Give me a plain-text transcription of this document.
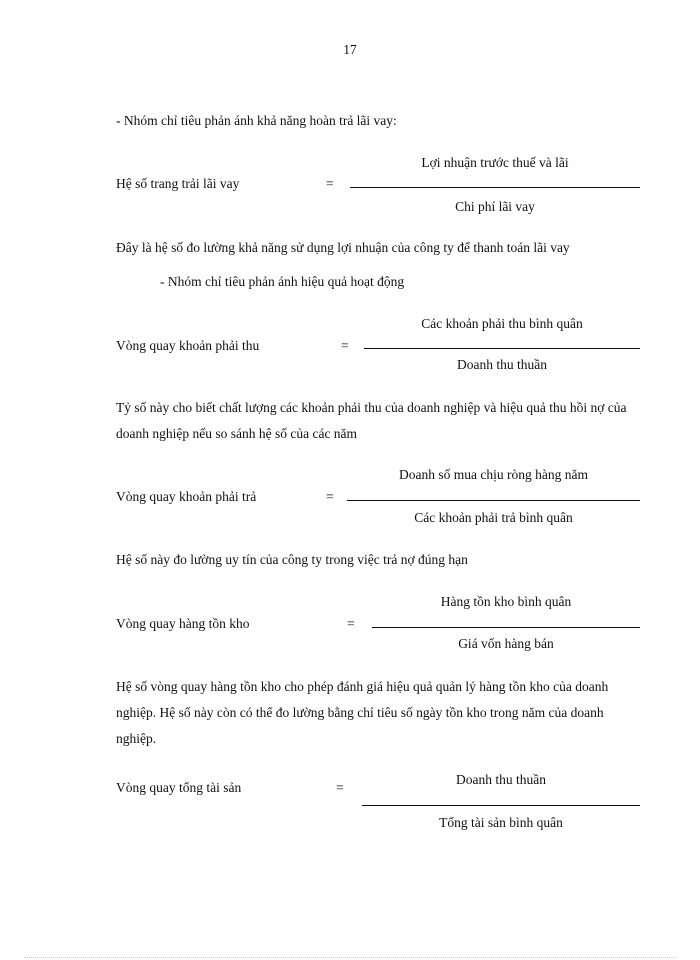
17
- Nhóm chỉ tiêu phản ánh khả năng hoàn trả lãi vay:
Hệ số trang trải lãi vay	=
Lợi nhuận trước thuế và lãi
Chi phí lãi vay
Đây là hệ số đo lường khả năng sử dụng lợi nhuận của công ty để thanh toán lãi vay
- Nhóm chỉ tiêu phản ánh hiệu quả hoạt động
Vòng quay khoản phải thu	=
Các khoản phải thu bình quân
Doanh thu thuần
Tỷ số này cho biết chất lượng các khoản phải thu của doanh nghiệp và hiệu quả thu hồi nợ của doanh nghiệp nếu so sánh hệ số của các năm
Vòng quay khoản phải trả	=
Doanh số mua chịu ròng hàng năm
Các khoản phải trả bình quân
Hệ số này đo lường uy tín của công ty trong việc trả nợ đúng hạn
Vòng quay hàng tồn kho	=
Hàng tồn kho bình quân
Giá vốn hàng bán
Hệ số vòng quay hàng tồn kho cho phép đánh giá hiệu quả quản lý hàng tồn kho của doanh nghiệp. Hệ số này còn có thể đo lường bằng chỉ tiêu số ngày tồn kho trong năm của doanh nghiệp.
Vòng quay tổng tài sản	=
Doanh thu thuần
Tổng tài sản bình quân
